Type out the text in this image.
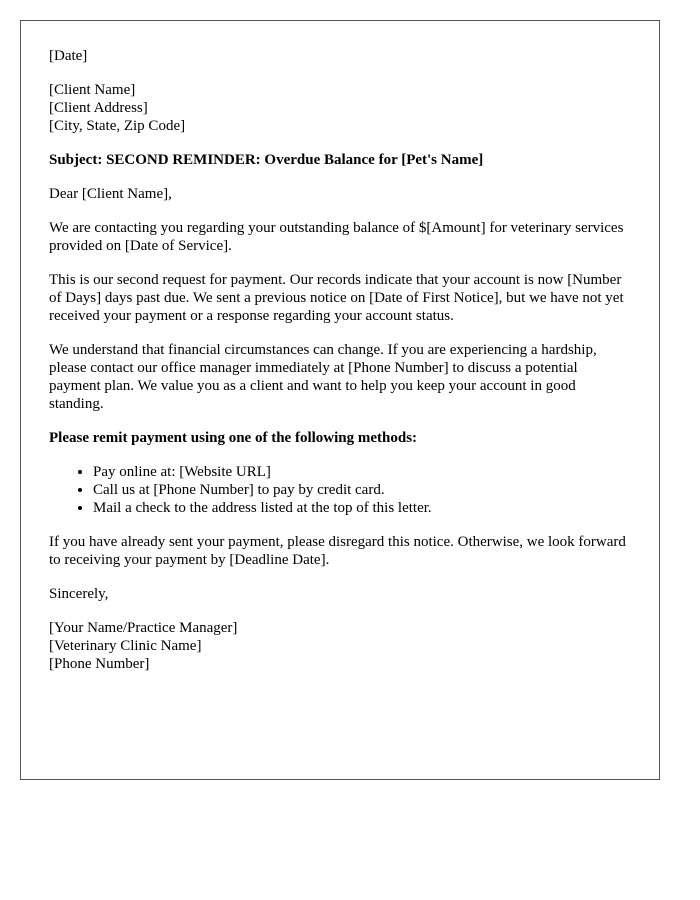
[Date]
[Client Name]
[Client Address]
[City, State, Zip Code]

Subject: SECOND REMINDER: Overdue Balance for [Pet's Name]

Dear [Client Name],

We are contacting you regarding your outstanding balance of $[Amount] for veterinary services provided on [Date of Service].

This is our second request for payment. Our records indicate that your account is now [Number of Days] days past due. We sent a previous notice on [Date of First Notice], but we have not yet received your payment or a response regarding your account status.

We understand that financial circumstances can change. If you are experiencing a hardship, please contact our office manager immediately at [Phone Number] to discuss a potential payment plan. We value you as a client and want to help you keep your account in good standing.

Please remit payment using one of the following methods:

• Pay online at: [Website URL]
• Call us at [Phone Number] to pay by credit card.
• Mail a check to the address listed at the top of this letter.

If you have already sent your payment, please disregard this notice. Otherwise, we look forward to receiving your payment by [Deadline Date].

Sincerely,

[Your Name/Practice Manager]
[Veterinary Clinic Name]
[Phone Number]
